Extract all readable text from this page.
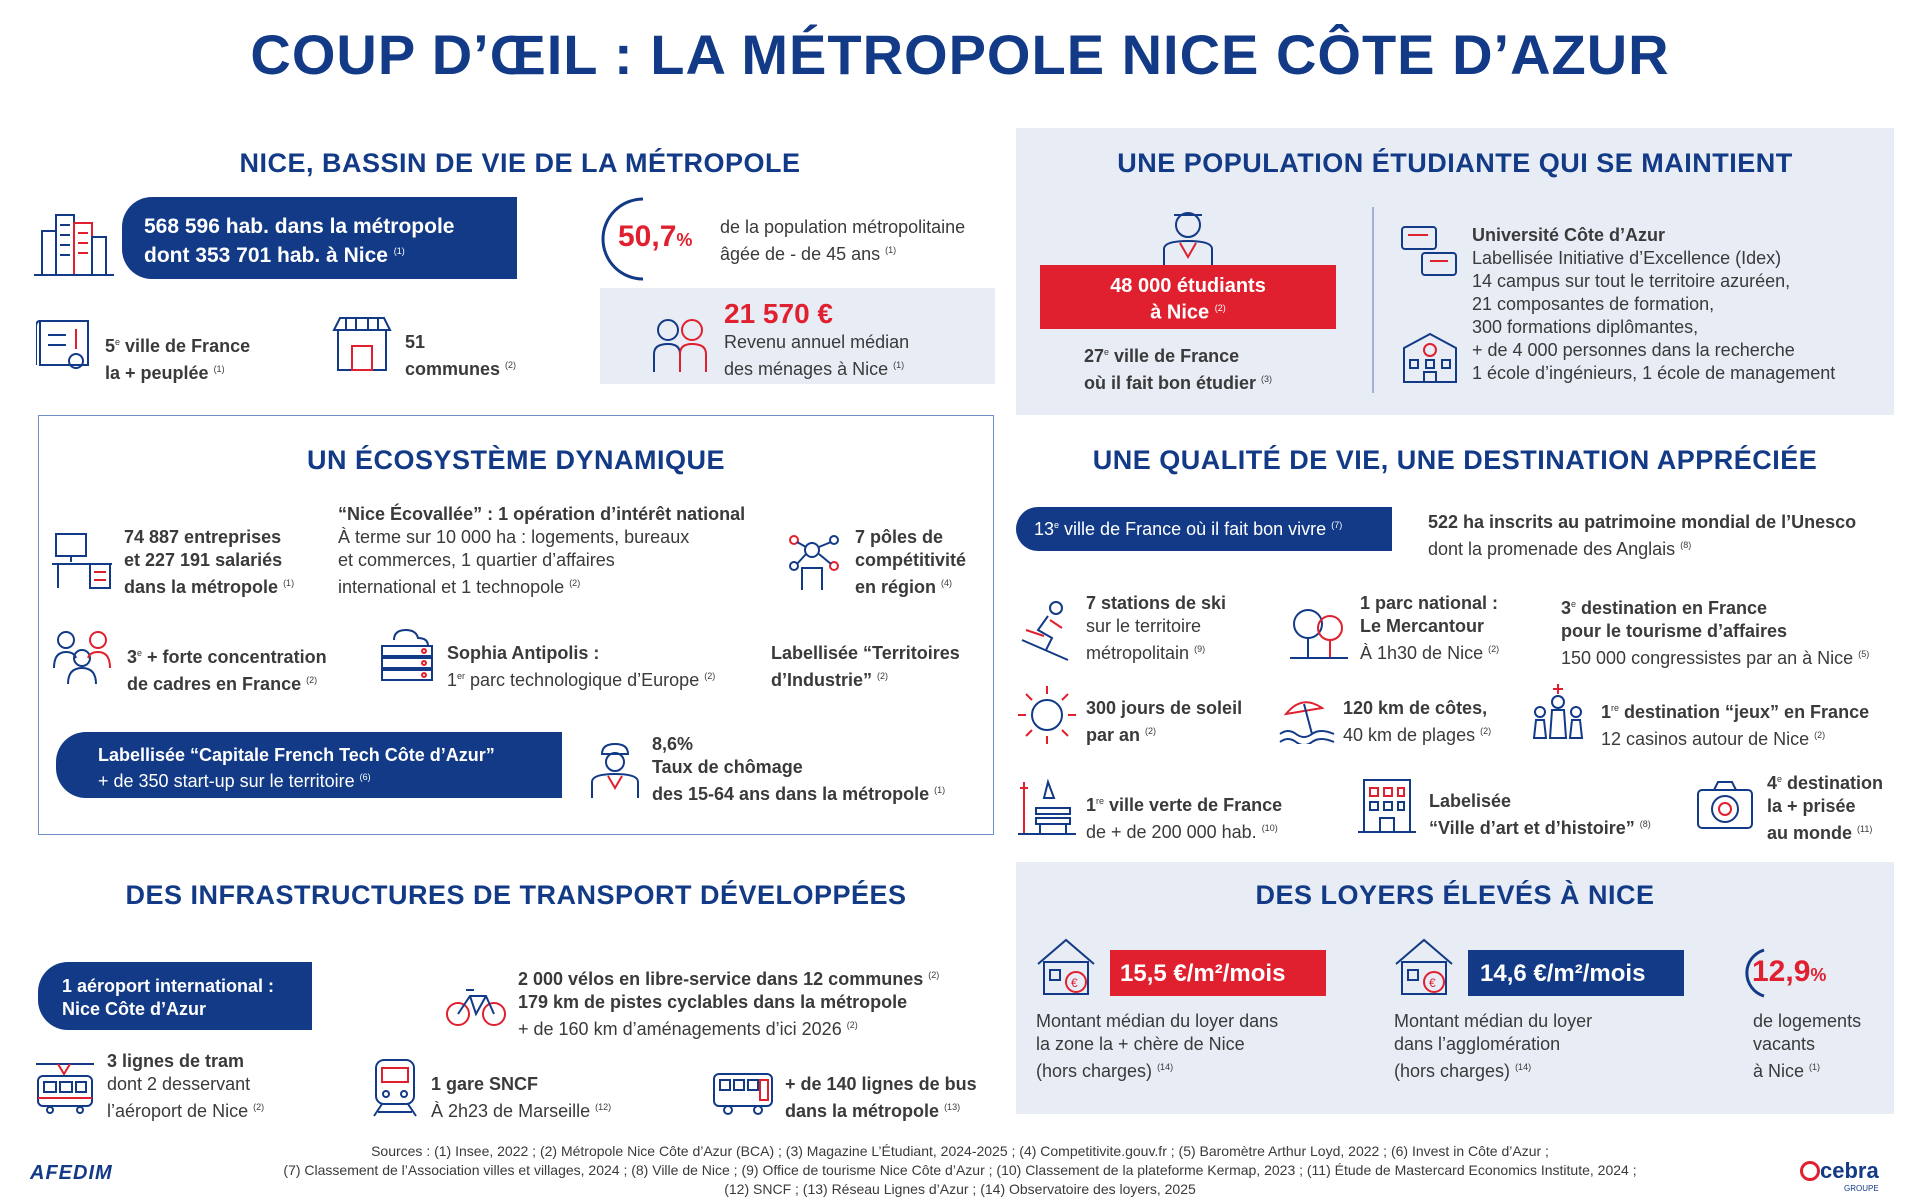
COUP D’ŒIL : LA MÉTROPOLE NICE CÔTE D’AZUR
NICE, BASSIN DE VIE DE LA MÉTROPOLE
568 596 hab. dans la métropole
dont 353 701 hab. à Nice $^{(1)}$	50,7%
de la population métropolitaine
âgée de - de 45 ans $^{(1)}$
5e ville de France
la + peuplée $^{(1)}$
51
communes $^{(2)}$
21 570 €
Revenu annuel médian
des ménages à Nice $^{(1)}$
UNE POPULATION ÉTUDIANTE QUI SE MAINTIENT
48 000 étudiants
à Nice $^{(2)}$
27e ville de France
où il fait bon étudier $^{(3)}$
Université Côte d’Azur
Labellisée Initiative d’Excellence (Idex)
14 campus sur tout le territoire azuréen,
21 composantes de formation,
300 formations diplômantes,
+ de 4 000 personnes dans la recherche
1 école d’ingénieurs, 1 école de management
UN ÉCOSYSTÈME DYNAMIQUE
74 887 entreprises
et 227 191 salariés
dans la métropole $^{(1)}$
“Nice Écovallée” : 1 opération d’intérêt national
À terme sur 10 000 ha : logements, bureaux
et commerces, 1 quartier d’affaires
international et 1 technopole $^{(2)}$
7 pôles de
compétitivité
en région $^{(4)}$
$3^e$ + forte concentration
de cadres en France $^{(2)}$
Sophia Antipolis :
1er parc technologique d’Europe $^{(2)}$
Labellisée “Territoires
d’Industrie” $^{(2)}$
Labellisée “Capitale French Tech Côte d’Azur”
+ de 350 start-up sur le territoire $^{(6)}$
8,6%
Taux de chômage
des 15-64 ans dans la métropole $^{(1)}$
UNE QUALITÉ DE VIE, UNE DESTINATION APPRÉCIÉE
13e ville de France où il fait bon vivre $^{(7)}$	522 ha inscrits au patrimoine mondial de l’Unesco
dont la promenade des Anglais $^{(8)}$
7 stations de ski
sur le territoire
métropolitain $^{(9)}$
1 parc national :
Le Mercantour
À 1h30 de Nice $^{(2)}$
3e destination en France
pour le tourisme d’affaires
150 000 congressistes par an à Nice $^{(5)}$
300 jours de soleil
par an $^{(2)}$
120 km de côtes,
40 km de plages $^{(2)}$
1re destination “jeux” en France
12 casinos autour de Nice $^{(2)}$
1re ville verte de France
de + de 200 000 hab. $^{(10)}$
Labelisée
“Ville d’art et d’histoire” $^{(8)}$
4e destination
la + prisée
au monde $^{(11)}$
DES INFRASTRUCTURES DE TRANSPORT DÉVELOPPÉES
1 aéroport international :
Nice Côte d’Azur
2 000 vélos en libre-service dans 12 communes $^{(2)}$
179 km de pistes cyclables dans la métropole
+ de 160 km d’aménagements d’ici 2026 $^{(2)}$
3 lignes de tram
dont 2 desservant
l’aéroport de Nice $^{(2)}$
1 gare SNCF
À 2h23 de Marseille $^{(12)}$
+ de 140 lignes de bus
dans la métropole $^{(13)}$
DES LOYERS ÉLEVÉS À NICE
€	15,5 €/m²/mois
Montant médian du loyer dans
la zone la + chère de Nice
(hors charges) $^{(14)}$
€	14,6 €/m²/mois
Montant médian du loyer
dans l’agglomération
(hors charges) $^{(14)}$
12,9%
de logements
vacants
à Nice $^{(1)}$
Sources : (1) Insee, 2022 ; (2) Métropole Nice Côte d’Azur (BCA) ; (3) Magazine L’Étudiant, 2024-2025 ; (4) Competitivite.gouv.fr ; (5) Baromètre Arthur Loyd, 2022 ; (6) Invest in Côte d’Azur ;
(7) Classement de l’Association villes et villages, 2024 ; (8) Ville de Nice ; (9) Office de tourisme Nice Côte d’Azur ; (10) Classement de la plateforme Kermap, 2023 ; (11) Étude de Mastercard Economics Institute, 2024 ;
(12) SNCF ; (13) Réseau Lignes d’Azur ; (14) Observatoire des loyers, 2025
AFEDIM	cebra
GROUPE
